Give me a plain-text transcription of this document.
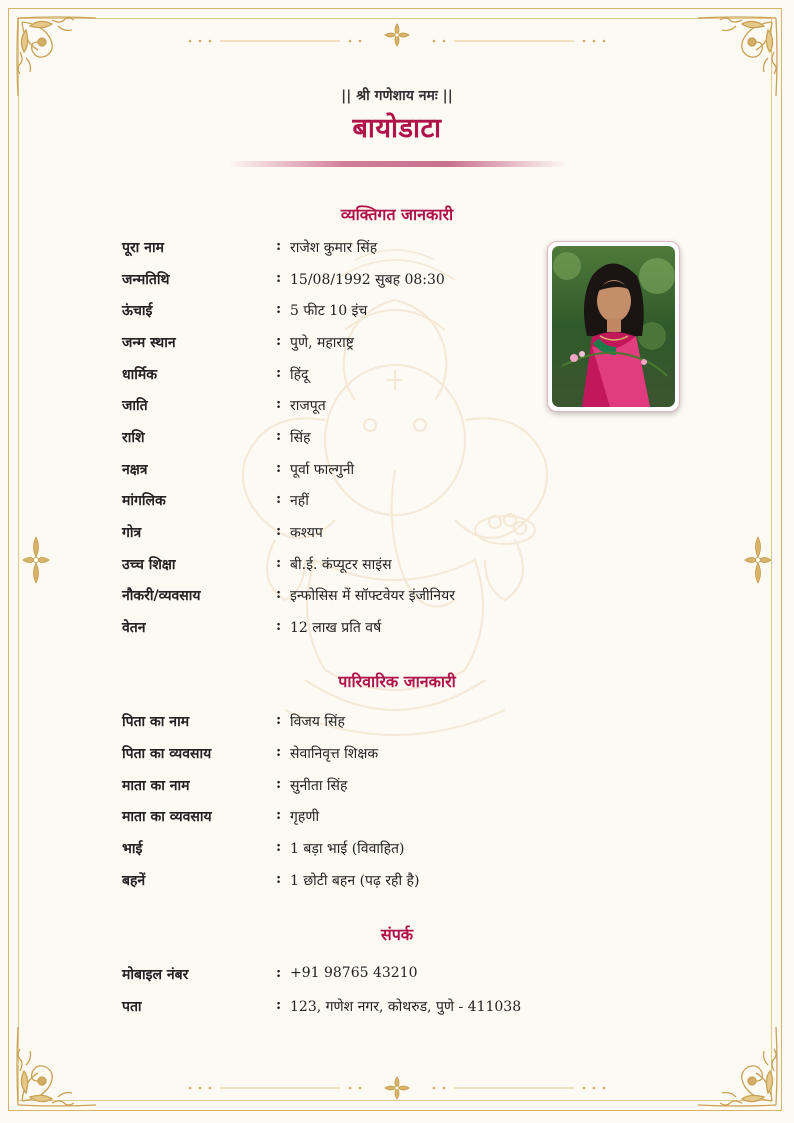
|| श्री गणेशाय नमः ||
बायोडाटा
व्यक्तिगत जानकारी
पूरा नाम	: राजेश कुमार सिंह
जन्मतिथि	: 15/08/1992 सुबह 08:30
ऊंचाई	: 5 फीट 10 इंच
जन्म स्थान	: पुणे, महाराष्ट्र
धार्मिक	: हिंदू
जाति	: राजपूत
राशि	: सिंह
नक्षत्र	: पूर्वा फाल्गुनी
मांगलिक	: नहीं
गोत्र	: कश्यप
उच्च शिक्षा	: बी.ई. कंप्यूटर साइंस
नौकरी/व्यवसाय	: इन्फोसिस में सॉफ्टवेयर इंजीनियर
वेतन	: 12 लाख प्रति वर्ष
पारिवारिक जानकारी
पिता का नाम	: विजय सिंह
पिता का व्यवसाय	: सेवानिवृत्त शिक्षक
माता का नाम	: सुनीता सिंह
माता का व्यवसाय	: गृहणी
भाई	: 1 बड़ा भाई (विवाहित)
बहनें	: 1 छोटी बहन (पढ़ रही है)
संपर्क
मोबाइल नंबर	: +91 98765 43210
पता	: 123, गणेश नगर, कोथरुड, पुणे - 411038
